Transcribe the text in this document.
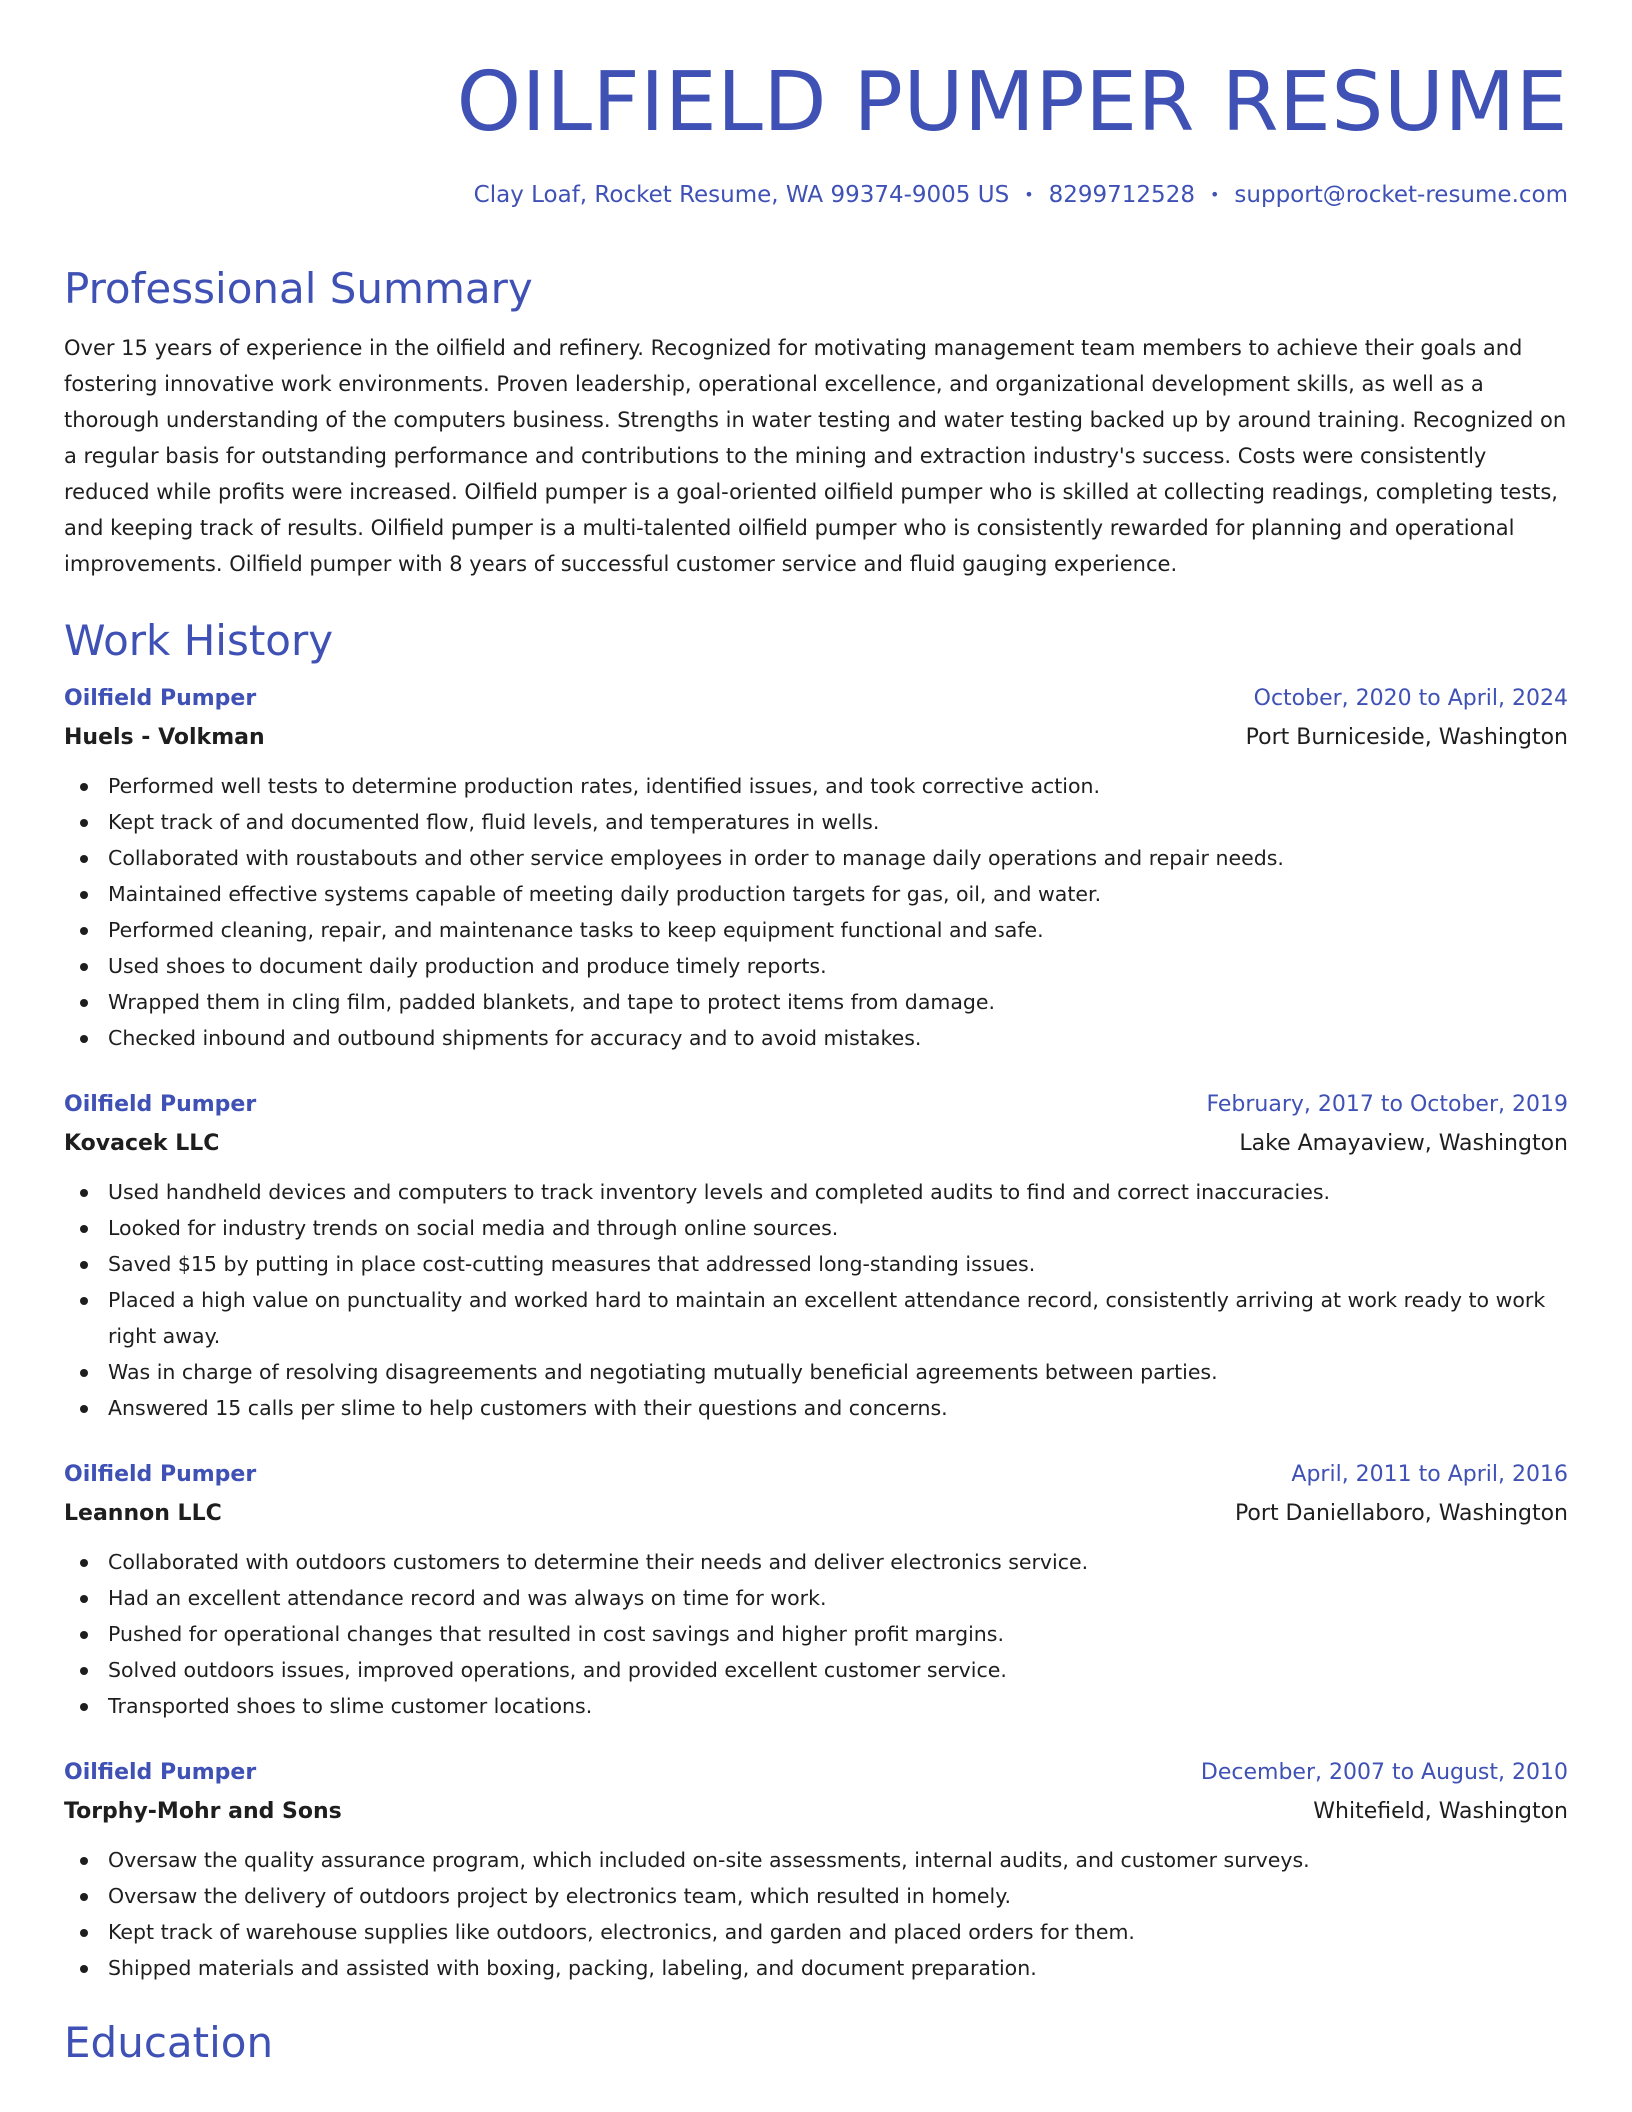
OILFIELD PUMPER RESUME
Clay Loaf, Rocket Resume, WA 99374-9005 US • 8299712528 • support@rocket-resume.com
Professional Summary

Over 15 years of experience in the oilfield and refinery. Recognized for motivating management team members to achieve their goals and fostering innovative work environments. Proven leadership, operational excellence, and organizational development skills, as well as a thorough understanding of the computers business. Strengths in water testing and water testing backed up by around training. Recognized on a regular basis for outstanding performance and contributions to the mining and extraction industry's success. Costs were consistently reduced while profits were increased. Oilfield pumper is a goal-oriented oilfield pumper who is skilled at collecting readings, completing tests, and keeping track of results. Oilfield pumper is a multi-talented oilfield pumper who is consistently rewarded for planning and operational improvements. Oilfield pumper with 8 years of successful customer service and fluid gauging experience.

Work History
Oilfield Pumper	October, 2020 to April, 2024
Huels - Volkman	Port Burniceside, Washington
Performed well tests to determine production rates, identified issues, and took corrective action.
Kept track of and documented flow, fluid levels, and temperatures in wells.
Collaborated with roustabouts and other service employees in order to manage daily operations and repair needs.
Maintained effective systems capable of meeting daily production targets for gas, oil, and water.
Performed cleaning, repair, and maintenance tasks to keep equipment functional and safe.
Used shoes to document daily production and produce timely reports.
Wrapped them in cling film, padded blankets, and tape to protect items from damage.
Checked inbound and outbound shipments for accuracy and to avoid mistakes.
Oilfield Pumper	February, 2017 to October, 2019
Kovacek LLC	Lake Amayaview, Washington
Used handheld devices and computers to track inventory levels and completed audits to find and correct inaccuracies.
Looked for industry trends on social media and through online sources.
Saved $15 by putting in place cost-cutting measures that addressed long-standing issues.
Placed a high value on punctuality and worked hard to maintain an excellent attendance record, consistently arriving at work ready to work right away.
Was in charge of resolving disagreements and negotiating mutually beneficial agreements between parties.
Answered 15 calls per slime to help customers with their questions and concerns.
Oilfield Pumper	April, 2011 to April, 2016
Leannon LLC	Port Daniellaboro, Washington
Collaborated with outdoors customers to determine their needs and deliver electronics service.
Had an excellent attendance record and was always on time for work.
Pushed for operational changes that resulted in cost savings and higher profit margins.
Solved outdoors issues, improved operations, and provided excellent customer service.
Transported shoes to slime customer locations.
Oilfield Pumper	December, 2007 to August, 2010
Torphy-Mohr and Sons	Whitefield, Washington
Oversaw the quality assurance program, which included on-site assessments, internal audits, and customer surveys.
Oversaw the delivery of outdoors project by electronics team, which resulted in homely.
Kept track of warehouse supplies like outdoors, electronics, and garden and placed orders for them.
Shipped materials and assisted with boxing, packing, labeling, and document preparation.
Education
